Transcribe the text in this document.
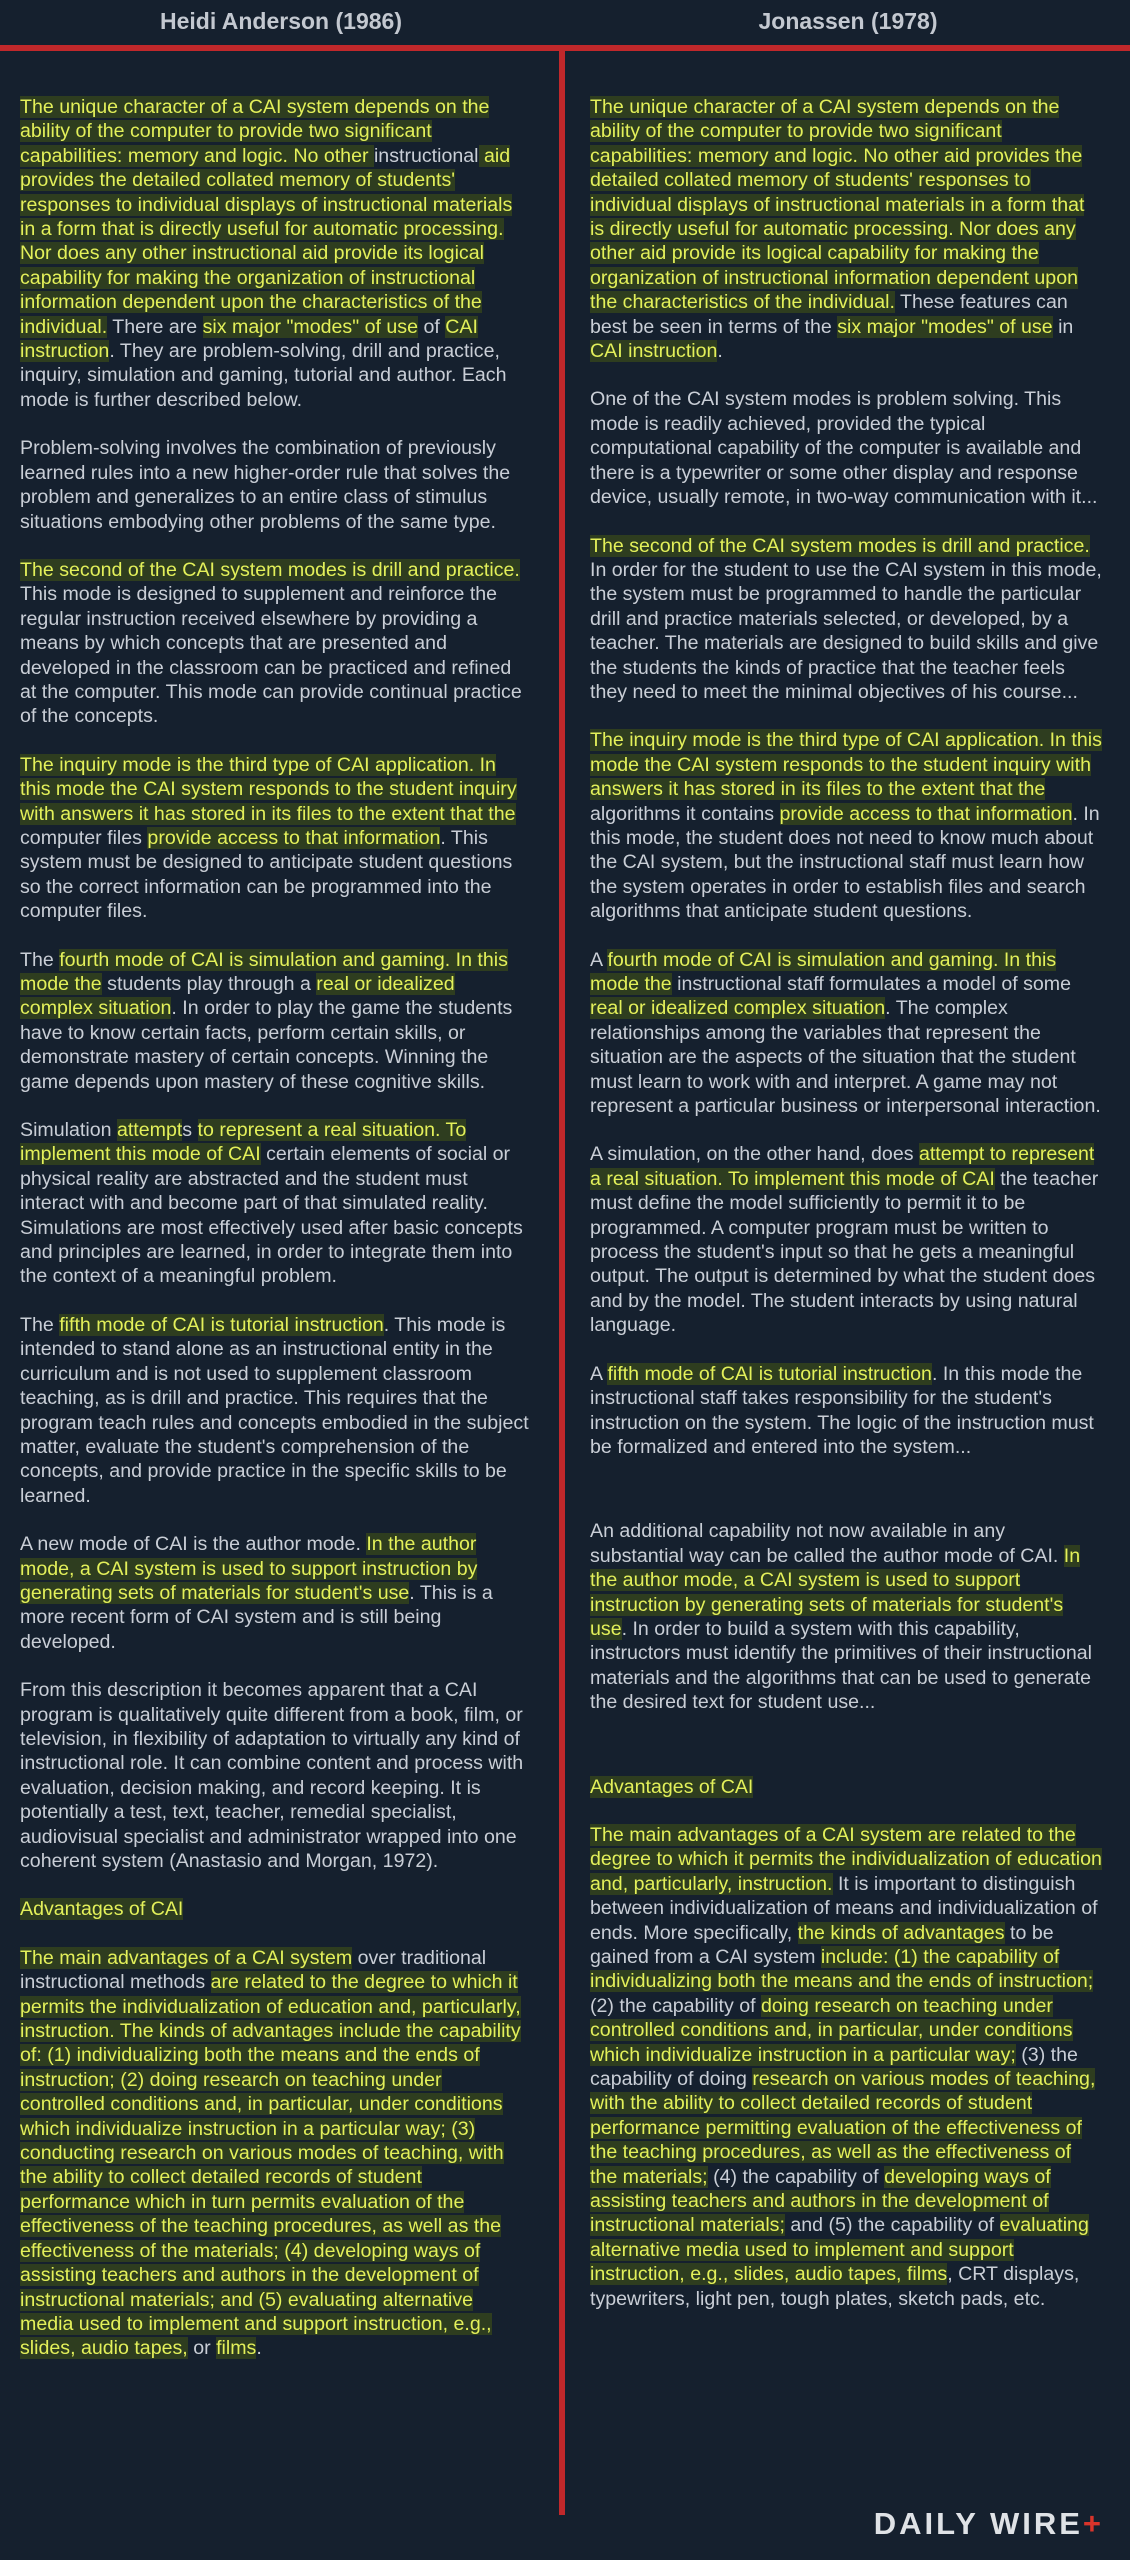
Heidi Anderson (1986)	Jonassen (1978)

The unique character of a CAI system depends on the ability of the computer to provide two significant capabilities: memory and logic. No other instructional aid provides the detailed collated memory of students' responses to individual displays of instructional materials in a form that is directly useful for automatic processing. Nor does any other instructional aid provide its logical capability for making the organization of instructional information dependent upon the characteristics of the individual. There are six major "modes" of use of CAI instruction. They are problem-solving, drill and practice, inquiry, simulation and gaming, tutorial and author. Each mode is further described below.

Problem-solving involves the combination of previously learned rules into a new higher-order rule that solves the problem and generalizes to an entire class of stimulus situations embodying other problems of the same type.

The second of the CAI system modes is drill and practice. This mode is designed to supplement and reinforce the regular instruction received elsewhere by providing a means by which concepts that are presented and developed in the classroom can be practiced and refined at the computer. This mode can provide continual practice of the concepts.

The inquiry mode is the third type of CAI application. In this mode the CAI system responds to the student inquiry with answers it has stored in its files to the extent that the computer files provide access to that information. This system must be designed to anticipate student questions so the correct information can be programmed into the computer files.

The fourth mode of CAI is simulation and gaming. In this mode the students play through a real or idealized complex situation. In order to play the game the students have to know certain facts, perform certain skills, or demonstrate mastery of certain concepts. Winning the game depends upon mastery of these cognitive skills.

Simulation attempts to represent a real situation. To implement this mode of CAI certain elements of social or physical reality are abstracted and the student must interact with and become part of that simulated reality. Simulations are most effectively used after basic concepts and principles are learned, in order to integrate them into the context of a meaningful problem.

The fifth mode of CAI is tutorial instruction. This mode is intended to stand alone as an instructional entity in the curriculum and is not used to supplement classroom teaching, as is drill and practice. This requires that the program teach rules and concepts embodied in the subject matter, evaluate the student's comprehension of the concepts, and provide practice in the specific skills to be learned.

A new mode of CAI is the author mode. In the author mode, a CAI system is used to support instruction by generating sets of materials for student's use. This is a more recent form of CAI system and is still being developed.

From this description it becomes apparent that a CAI program is qualitatively quite different from a book, film, or television, in flexibility of adaptation to virtually any kind of instructional role. It can combine content and process with evaluation, decision making, and record keeping. It is potentially a test, text, teacher, remedial specialist, audiovisual specialist and administrator wrapped into one coherent system (Anastasio and Morgan, 1972).

Advantages of CAI

The main advantages of a CAI system over traditional instructional methods are related to the degree to which it permits the individualization of education and, particularly, instruction. The kinds of advantages include the capability of: (1) individualizing both the means and the ends of instruction; (2) doing research on teaching under controlled conditions and, in particular, under conditions which individualize instruction in a particular way; (3) conducting research on various modes of teaching, with the ability to collect detailed records of student performance which in turn permits evaluation of the effectiveness of the teaching procedures, as well as the effectiveness of the materials; (4) developing ways of assisting teachers and authors in the development of instructional materials; and (5) evaluating alternative media used to implement and support instruction, e.g., slides, audio tapes, or films.

The unique character of a CAI system depends on the ability of the computer to provide two significant capabilities: memory and logic. No other aid provides the detailed collated memory of students' responses to individual displays of instructional materials in a form that is directly useful for automatic processing. Nor does any other aid provide its logical capability for making the organization of instructional information dependent upon the characteristics of the individual. These features can best be seen in terms of the six major "modes" of use in CAI instruction.

One of the CAI system modes is problem solving. This mode is readily achieved, provided the typical computational capability of the computer is available and there is a typewriter or some other display and response device, usually remote, in two-way communication with it...

The second of the CAI system modes is drill and practice. In order for the student to use the CAI system in this mode, the system must be programmed to handle the particular drill and practice materials selected, or developed, by a teacher. The materials are designed to build skills and give the students the kinds of practice that the teacher feels they need to meet the minimal objectives of his course...

The inquiry mode is the third type of CAI application. In this mode the CAI system responds to the student inquiry with answers it has stored in its files to the extent that the algorithms it contains provide access to that information. In this mode, the student does not need to know much about the CAI system, but the instructional staff must learn how the system operates in order to establish files and search algorithms that anticipate student questions.

A fourth mode of CAI is simulation and gaming. In this mode the instructional staff formulates a model of some real or idealized complex situation. The complex relationships among the variables that represent the situation are the aspects of the situation that the student must learn to work with and interpret. A game may not represent a particular business or interpersonal interaction.

A simulation, on the other hand, does attempt to represent a real situation. To implement this mode of CAI the teacher must define the model sufficiently to permit it to be programmed. A computer program must be written to process the student's input so that he gets a meaningful output. The output is determined by what the student does and by the model. The student interacts by using natural language.

A fifth mode of CAI is tutorial instruction. In this mode the instructional staff takes responsibility for the student's instruction on the system. The logic of the instruction must be formalized and entered into the system...

An additional capability not now available in any substantial way can be called the author mode of CAI. In the author mode, a CAI system is used to support instruction by generating sets of materials for student's use. In order to build a system with this capability, instructors must identify the primitives of their instructional materials and the algorithms that can be used to generate the desired text for student use...

Advantages of CAI

The main advantages of a CAI system are related to the degree to which it permits the individualization of education and, particularly, instruction. It is important to distinguish between individualization of means and individualization of ends. More specifically, the kinds of advantages to be gained from a CAI system include: (1) the capability of individualizing both the means and the ends of instruction; (2) the capability of doing research on teaching under controlled conditions and, in particular, under conditions which individualize instruction in a particular way; (3) the capability of doing research on various modes of teaching, with the ability to collect detailed records of student performance permitting evaluation of the effectiveness of the teaching procedures, as well as the effectiveness of the materials; (4) the capability of developing ways of assisting teachers and authors in the development of instructional materials; and (5) the capability of evaluating alternative media used to implement and support instruction, e.g., slides, audio tapes, films, CRT displays, typewriters, light pen, tough plates, sketch pads, etc.

DAILY WIRE+
